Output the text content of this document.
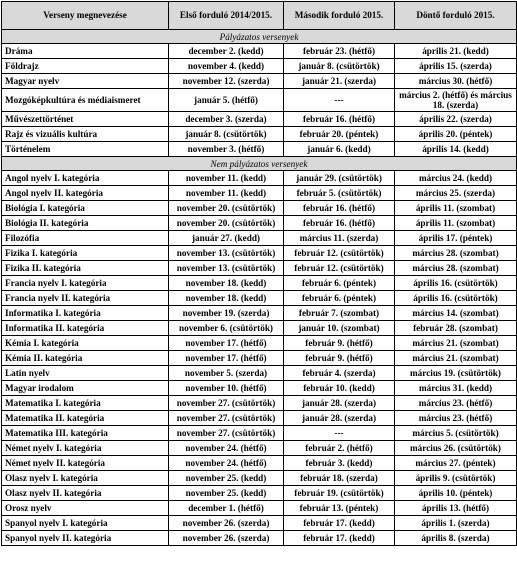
Verseny megnevezése	Első forduló 2014/2015.	Második forduló 2015.	Döntő forduló 2015.
Pályázatos versenyek			
Dráma	december 2. (kedd)	február 23. (hétfő)	április 21. (kedd)
Földrajz	november 4. (kedd)	január 8. (csütörtök)	április 15. (szerda)
Magyar nyelv	november 12. (szerda)	január 21. (szerda)	március 30. (hétfő)
Mozgóképkultúra és médiaismeret	január 5. (hétfő)	---	március 2. (hétfő) és március 18. (szerda)
Művészettörténet	december 3. (szerda)	február 16. (hétfő)	április 22. (szerda)
Rajz és vizuális kultúra	január 8. (csütörtök)	február 20. (péntek)	április 20. (péntek)
Történelem	november 3. (hétfő)	január 6. (kedd)	április 14. (kedd)
Nem pályázatos versenyek			
Angol nyelv I. kategória	november 11. (kedd)	január 29. (csütörtök)	március 24. (kedd)
Angol nyelv II. kategória	november 11. (kedd)	február 5. (csütörtök)	március 25. (szerda)
Biológia I. kategória	november 20. (csütörtök)	február 16. (hétfő)	április 11. (szombat)
Biológia II. kategória	november 20. (csütörtök)	február 16. (hétfő)	április 11. (szombat)
Filozófia	január 27. (kedd)	március 11. (szerda)	április 17. (péntek)
Fizika I. kategória	november 13. (csütörtök)	február 12. (csütörtök)	március 28. (szombat)
Fizika II. kategória	november 13. (csütörtök)	február 12. (csütörtök)	március 28. (szombat)
Francia nyelv I. kategória	november 18. (kedd)	február 6. (péntek)	április 16. (csütörtök)
Francia nyelv II. kategória	november 18. (kedd)	február 6. (péntek)	április 16. (csütörtök)
Informatika I. kategória	november 19. (szerda)	február 7. (szombat)	március 14. (szombat)
Informatika II. kategória	november 6. (csütörtök)	január 10. (szombat)	február 28. (szombat)
Kémia I. kategória	november 17. (hétfő)	február 9. (hétfő)	március 21. (szombat)
Kémia II. kategória	november 17. (hétfő)	február 9. (hétfő)	március 21. (szombat)
Latin nyelv	november 5. (szerda)	február 4. (szerda)	március 19. (csütörtök)
Magyar irodalom	november 10. (hétfő)	február 10. (kedd)	március 31. (kedd)
Matematika I. kategória	november 27. (csütörtök)	január 28. (szerda)	március 23. (hétfő)
Matematika II. kategória	november 27. (csütörtök)	január 28. (szerda)	március 23. (hétfő)
Matematika III. kategória	november 27. (csütörtök)	---	március 5. (csütörtök)
Német nyelv I. kategória	november 24. (hétfő)	február 2. (hétfő)	március 26. (csütörtök)
Német nyelv II. kategória	november 24. (hétfő)	február 3. (kedd)	március 27. (péntek)
Olasz nyelv I. kategória	november 25. (kedd)	február 18. (szerda)	április 9. (csütörtök)
Olasz nyelv II. kategória	november 25. (kedd)	február 19. (csütörtök)	április 10. (péntek)
Orosz nyelv	december 1. (hétfő)	február 13. (péntek)	április 13. (hétfő)
Spanyol nyelv I. kategória	november 26. (szerda)	február 17. (kedd)	április 1. (szerda)
Spanyol nyelv II. kategória	november 26. (szerda)	február 17. (kedd)	április 8. (szerda)
